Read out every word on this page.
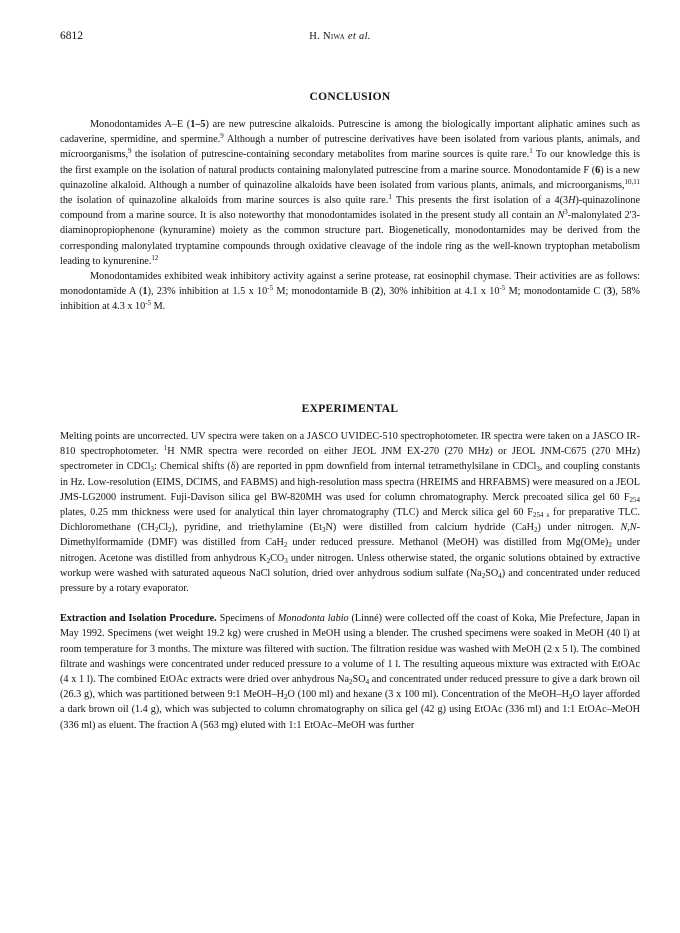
6812	H. Niwa et al.

CONCLUSION

Monodontamides A–E (1–5) are new putrescine alkaloids. Putrescine is among the biologically important aliphatic amines such as cadaverine, spermidine, and spermine.$^9$ Although a number of putrescine derivatives have been isolated from various plants, animals, and microorganisms,$^9$ the isolation of putrescine-containing secondary metabolites from marine sources is quite rare.$^1$ To our knowledge this is the first example on the isolation of natural products containing malonylated putrescine from a marine source. Monodontamide F (6) is a new quinazoline alkaloid. Although a number of quinazoline alkaloids have been isolated from various plants, animals, and microorganisms,$^{10,11}$ the isolation of quinazoline alkaloids from marine sources is also quite rare.$^1$ This presents the first isolation of a 4(3H)-quinazolinone compound from a marine source. It is also noteworthy that monodontamides isolated in the present study all contain an $N^3$-malonylated 2'3-diaminopropiophenone (kynuramine) moiety as the common structure part. Biogenetically, monodontamides may be derived from the corresponding malonylated tryptamine compounds through oxidative cleavage of the indole ring as the well-known tryptophan metabolism leading to kynurenine.$^{12}$

Monodontamides exhibited weak inhibitory activity against a serine protease, rat eosinophil chymase. Their activities are as follows: monodontamide A (1), 23% inhibition at 1.5 x $10^{-5}$ M; monodontamide B (2), 30% inhibition at 4.1 x $10^{-5}$ M; monodontamide C (3), 58% inhibition at 4.3 x $10^{-5}$ M.

EXPERIMENTAL

Melting points are uncorrected. UV spectra were taken on a JASCO UVIDEC-510 spectrophotometer. IR spectra were taken on a JASCO IR-810 spectrophotometer. $^1$H NMR spectra were recorded on either JEOL JNM EX-270 (270 MHz) or JEOL JNM-C675 (270 MHz) spectrometer in CDCl$_3$: Chemical shifts (δ) are reported in ppm downfield from internal tetramethylsilane in CDCl$_3$, and coupling constants in Hz. Low-resolution (EIMS, DCIMS, and FABMS) and high-resolution mass spectra (HREIMS and HRFABMS) were measured on a JEOL JMS-LG2000 instrument. Fuji-Davison silica gel BW-820MH was used for column chromatography. Merck precoated silica gel 60 $F_{254}$ plates, 0.25 mm thickness were used for analytical thin layer chromatography (TLC) and Merck silica gel 60 $F_{254 s}$ for preparative TLC. Dichloromethane $(CH_2Cl_2)$, pyridine, and triethylamine $(Et_3N)$ were distilled from calcium hydride (CaH$_2$) under nitrogen. N,N-Dimethylformamide (DMF) was distilled from CaH$_2$ under reduced pressure. Methanol (MeOH) was distilled from $Mg(OMe)_2$ under nitrogen. Acetone was distilled from anhydrous $K_2CO_3$ under nitrogen. Unless otherwise stated, the organic solutions obtained by extractive workup were washed with saturated aqueous NaCl solution, dried over anhydrous sodium sulfate $(Na_2SO_4)$ and concentrated under reduced pressure by a rotary evaporator.

Extraction and Isolation Procedure. Specimens of Monodonta labio (Linné) were collected off the coast of Koka, Mie Prefecture, Japan in May 1992. Specimens (wet weight 19.2 kg) were crushed in MeOH using a blender. The crushed specimens were soaked in MeOH (40 l) at room temperature for 3 months. The mixture was filtered with suction. The filtration residue was washed with MeOH (2 x 5 l). The combined filtrate and washings were concentrated under reduced pressure to a volume of 1 l. The resulting aqueous mixture was extracted with EtOAc (4 x 1 l). The combined EtOAc extracts were dried over anhydrous $Na_2SO_4$ and concentrated under reduced pressure to give a dark brown oil (26.3 g), which was partitioned between 9:1 MeOH–$H_2O$ (100 ml) and hexane (3 x 100 ml). Concentration of the MeOH–$H_2O$ layer afforded a dark brown oil (1.4 g), which was subjected to column chromatography on silica gel (42 g) using EtOAc (336 ml) and 1:1 EtOAc–MeOH (336 ml) as eluent. The fraction A (563 mg) eluted with 1:1 EtOAc–MeOH was further
